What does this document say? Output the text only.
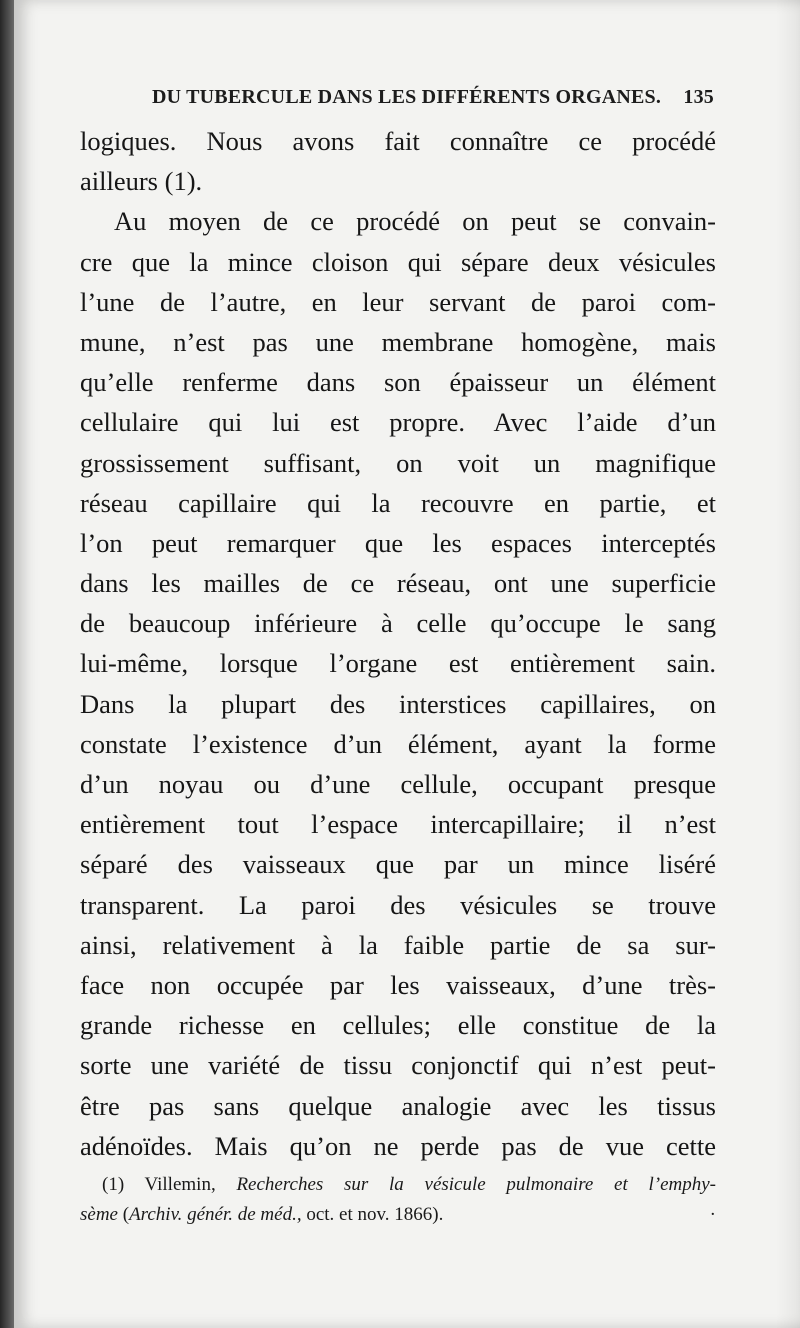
DU TUBERCULE DANS LES DIFFÉRENTS ORGANES. 135
logiques. Nous avons fait connaître ce procédé
ailleurs (1).
Au moyen de ce procédé on peut se convain-
cre que la mince cloison qui sépare deux vésicules
l’une de l’autre, en leur servant de paroi com-
mune, n’est pas une membrane homogène, mais
qu’elle renferme dans son épaisseur un élément
cellulaire qui lui est propre. Avec l’aide d’un
grossissement suffisant, on voit un magnifique
réseau capillaire qui la recouvre en partie, et
l’on peut remarquer que les espaces interceptés
dans les mailles de ce réseau, ont une superficie
de beaucoup inférieure à celle qu’occupe le sang
lui-même, lorsque l’organe est entièrement sain.
Dans la plupart des interstices capillaires, on
constate l’existence d’un élément, ayant la forme
d’un noyau ou d’une cellule, occupant presque
entièrement tout l’espace intercapillaire; il n’est
séparé des vaisseaux que par un mince liséré
transparent. La paroi des vésicules se trouve
ainsi, relativement à la faible partie de sa sur-
face non occupée par les vaisseaux, d’une très-
grande richesse en cellules; elle constitue de la
sorte une variété de tissu conjonctif qui n’est peut-
être pas sans quelque analogie avec les tissus
adénoïdes. Mais qu’on ne perde pas de vue cette
(1) Villemin, Recherches sur la vésicule pulmonaire et l’emphy-
sème (Archiv. génér. de méd., oct. et nov. 1866).	·
